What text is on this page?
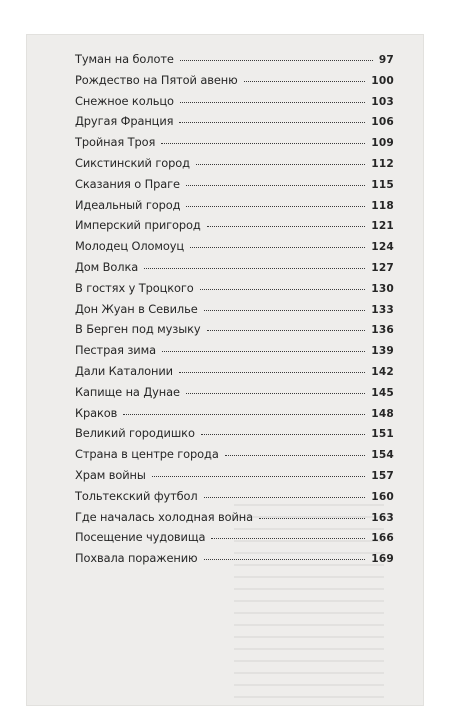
Туман на болоте	97
Рождество на Пятой авеню	100
Снежное кольцо	103
Другая Франция	106
Тройная Троя	109
Сикстинский город	112
Сказания о Праге	115
Идеальный город	118
Имперский пригород	121
Молодец Оломоуц	124
Дом Волка	127
В гостях у Троцкого	130
Дон Жуан в Севилье	133
В Берген под музыку	136
Пестрая зима	139
Дали Каталонии	142
Капище на Дунае	145
Краков	148
Великий городишко	151
Страна в центре города	154
Храм войны	157
Тольтекский футбол	160
Где началась холодная война	163
Посещение чудовища	166
Похвала поражению	169
